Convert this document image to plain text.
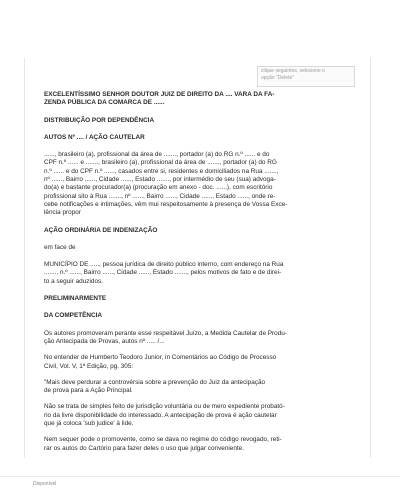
clique seguintes, selecione o
opção "Delete"

EXCELENTÍSSIMO SENHOR DOUTOR JUIZ DE DIREITO DA .... VARA DA FA-
ZENDA PÚBLICA DA COMARCA DE ......

DISTRIBUIÇÃO POR DEPENDÊNCIA

AUTOS Nº .... / AÇÃO CAUTELAR

......, brasileiro (a), profissional da área de ......., portador (a) do RG n.º ...... e do
CPF n.º ...... e ......., brasileiro (a), profissional da área de ......., portador (a) do RG
n.º ...... e do CPF n.º ......, casados entre si, residentes e domiciliados na Rua .......,
nº ......, Bairro ......, Cidade ......, Estado ......., por intermédio de seu (sua) advoga-
do(a) e bastante procurador(a) (procuração em anexo - doc. ......), com escritório
profissional sito à Rua ......., nº ......, Bairro ......, Cidade ......, Estado ......, onde re-
cebe notificações e intimações, vêm mui respeitosamente à presença de Vossa Exce-
lência propor

AÇÃO ORDINÁRIA DE INDENIZAÇÃO

em face de

MUNICÍPIO DE ....., pessoa jurídica de direito público interno, com endereço na Rua
......., n.º ......, Bairro ......, Cidade ......, Estado ......., pelos motivos de fato e de direi-
to a seguir aduzidos.

PRELIMINARMENTE

DA COMPETÊNCIA

Os autores promoveram perante esse respeitável Juízo, a Medida Cautelar de Produ-
ção Antecipada de Provas, autos nº ..... /...

No entender de Humberto Teodoro Junior, in Comentários ao Código de Processo
Civil, Vol. V, 1ª Edição, pg. 305:

"Mais deve perdurar a controvérsia sobre a prevenção do Juiz da antecipação
de prova para a Ação Principal.

Não se trata de simples feito de jurisdição voluntária ou de mero expediente probató-
rio da livre disponibilidade do interessado. A antecipação de prova é ação cautelar
que já coloca 'sub judice' à lide.

Nem sequer pode o promovente, como se dava no regime do código revogado, reti-
rar os autos do Cartório para fazer deles o uso que julgar conveniente.

Disponível
